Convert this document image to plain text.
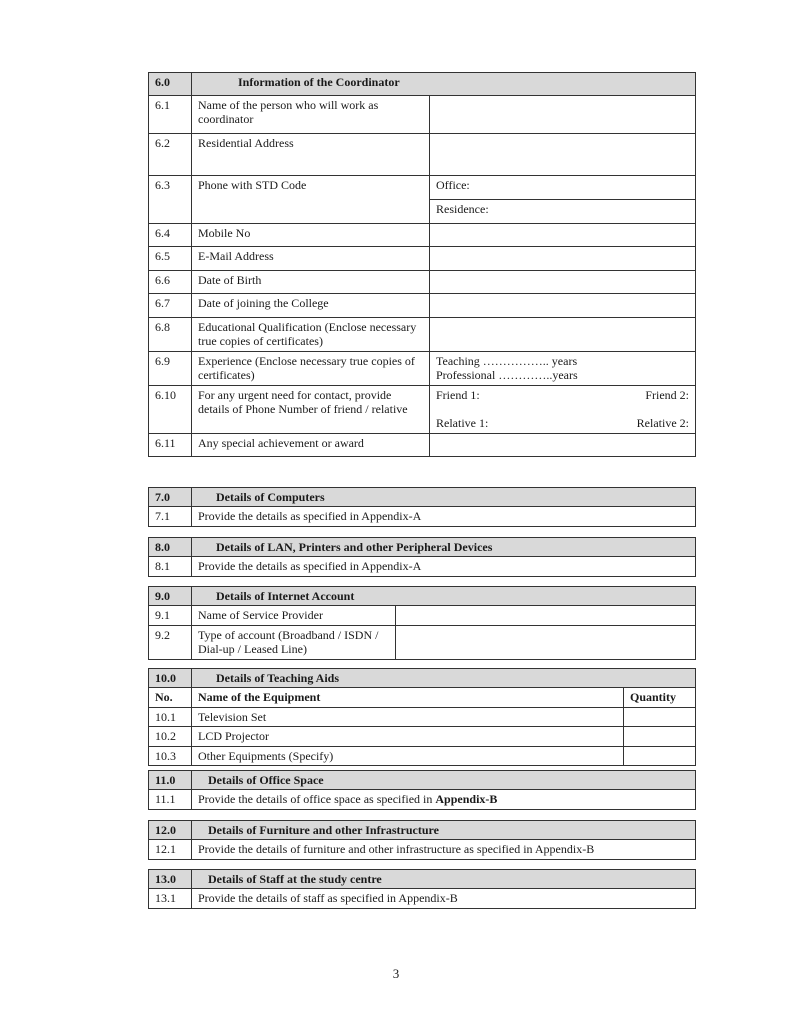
6.0	Information of the Coordinator	
6.1	Name of the person who will work as coordinator	
6.2	Residential Address	
6.3	Phone with STD Code	Office:
		Residence:
6.4	Mobile No	
6.5	E-Mail Address	
6.6	Date of Birth	
6.7	Date of joining the College	
6.8	Educational Qualification (Enclose necessary true copies of certificates)	
6.9	Experience (Enclose necessary true copies of certificates)	Teaching …………….. years
Professional …………..years

6.10	For any urgent need for contact, provide details of Phone Number of friend / relative	Friend 1: Friend 2:
Relative 1: Relative 2:

6.11	Any special achievement or award	
7.0	Details of Computers
7.1	Provide the details as specified in Appendix-A
8.0	Details of LAN, Printers and other Peripheral Devices
8.1	Provide the details as specified in Appendix-A
9.0	Details of Internet Account	
9.1	Name of Service Provider	
9.2	Type of account (Broadband / ISDN / Dial-up / Leased Line)	
10.0	Details of Teaching Aids	
No.	Name of the Equipment	Quantity
10.1	Television Set	
10.2	LCD Projector	
10.3	Other Equipments (Specify)	
11.0	Details of Office Space
11.1	Provide the details of office space as specified in Appendix-B
12.0	Details of Furniture and other Infrastructure
12.1	Provide the details of furniture and other infrastructure as specified in Appendix-B
13.0	Details of Staff at the study centre
13.1	Provide the details of staff as specified in Appendix-B
3
